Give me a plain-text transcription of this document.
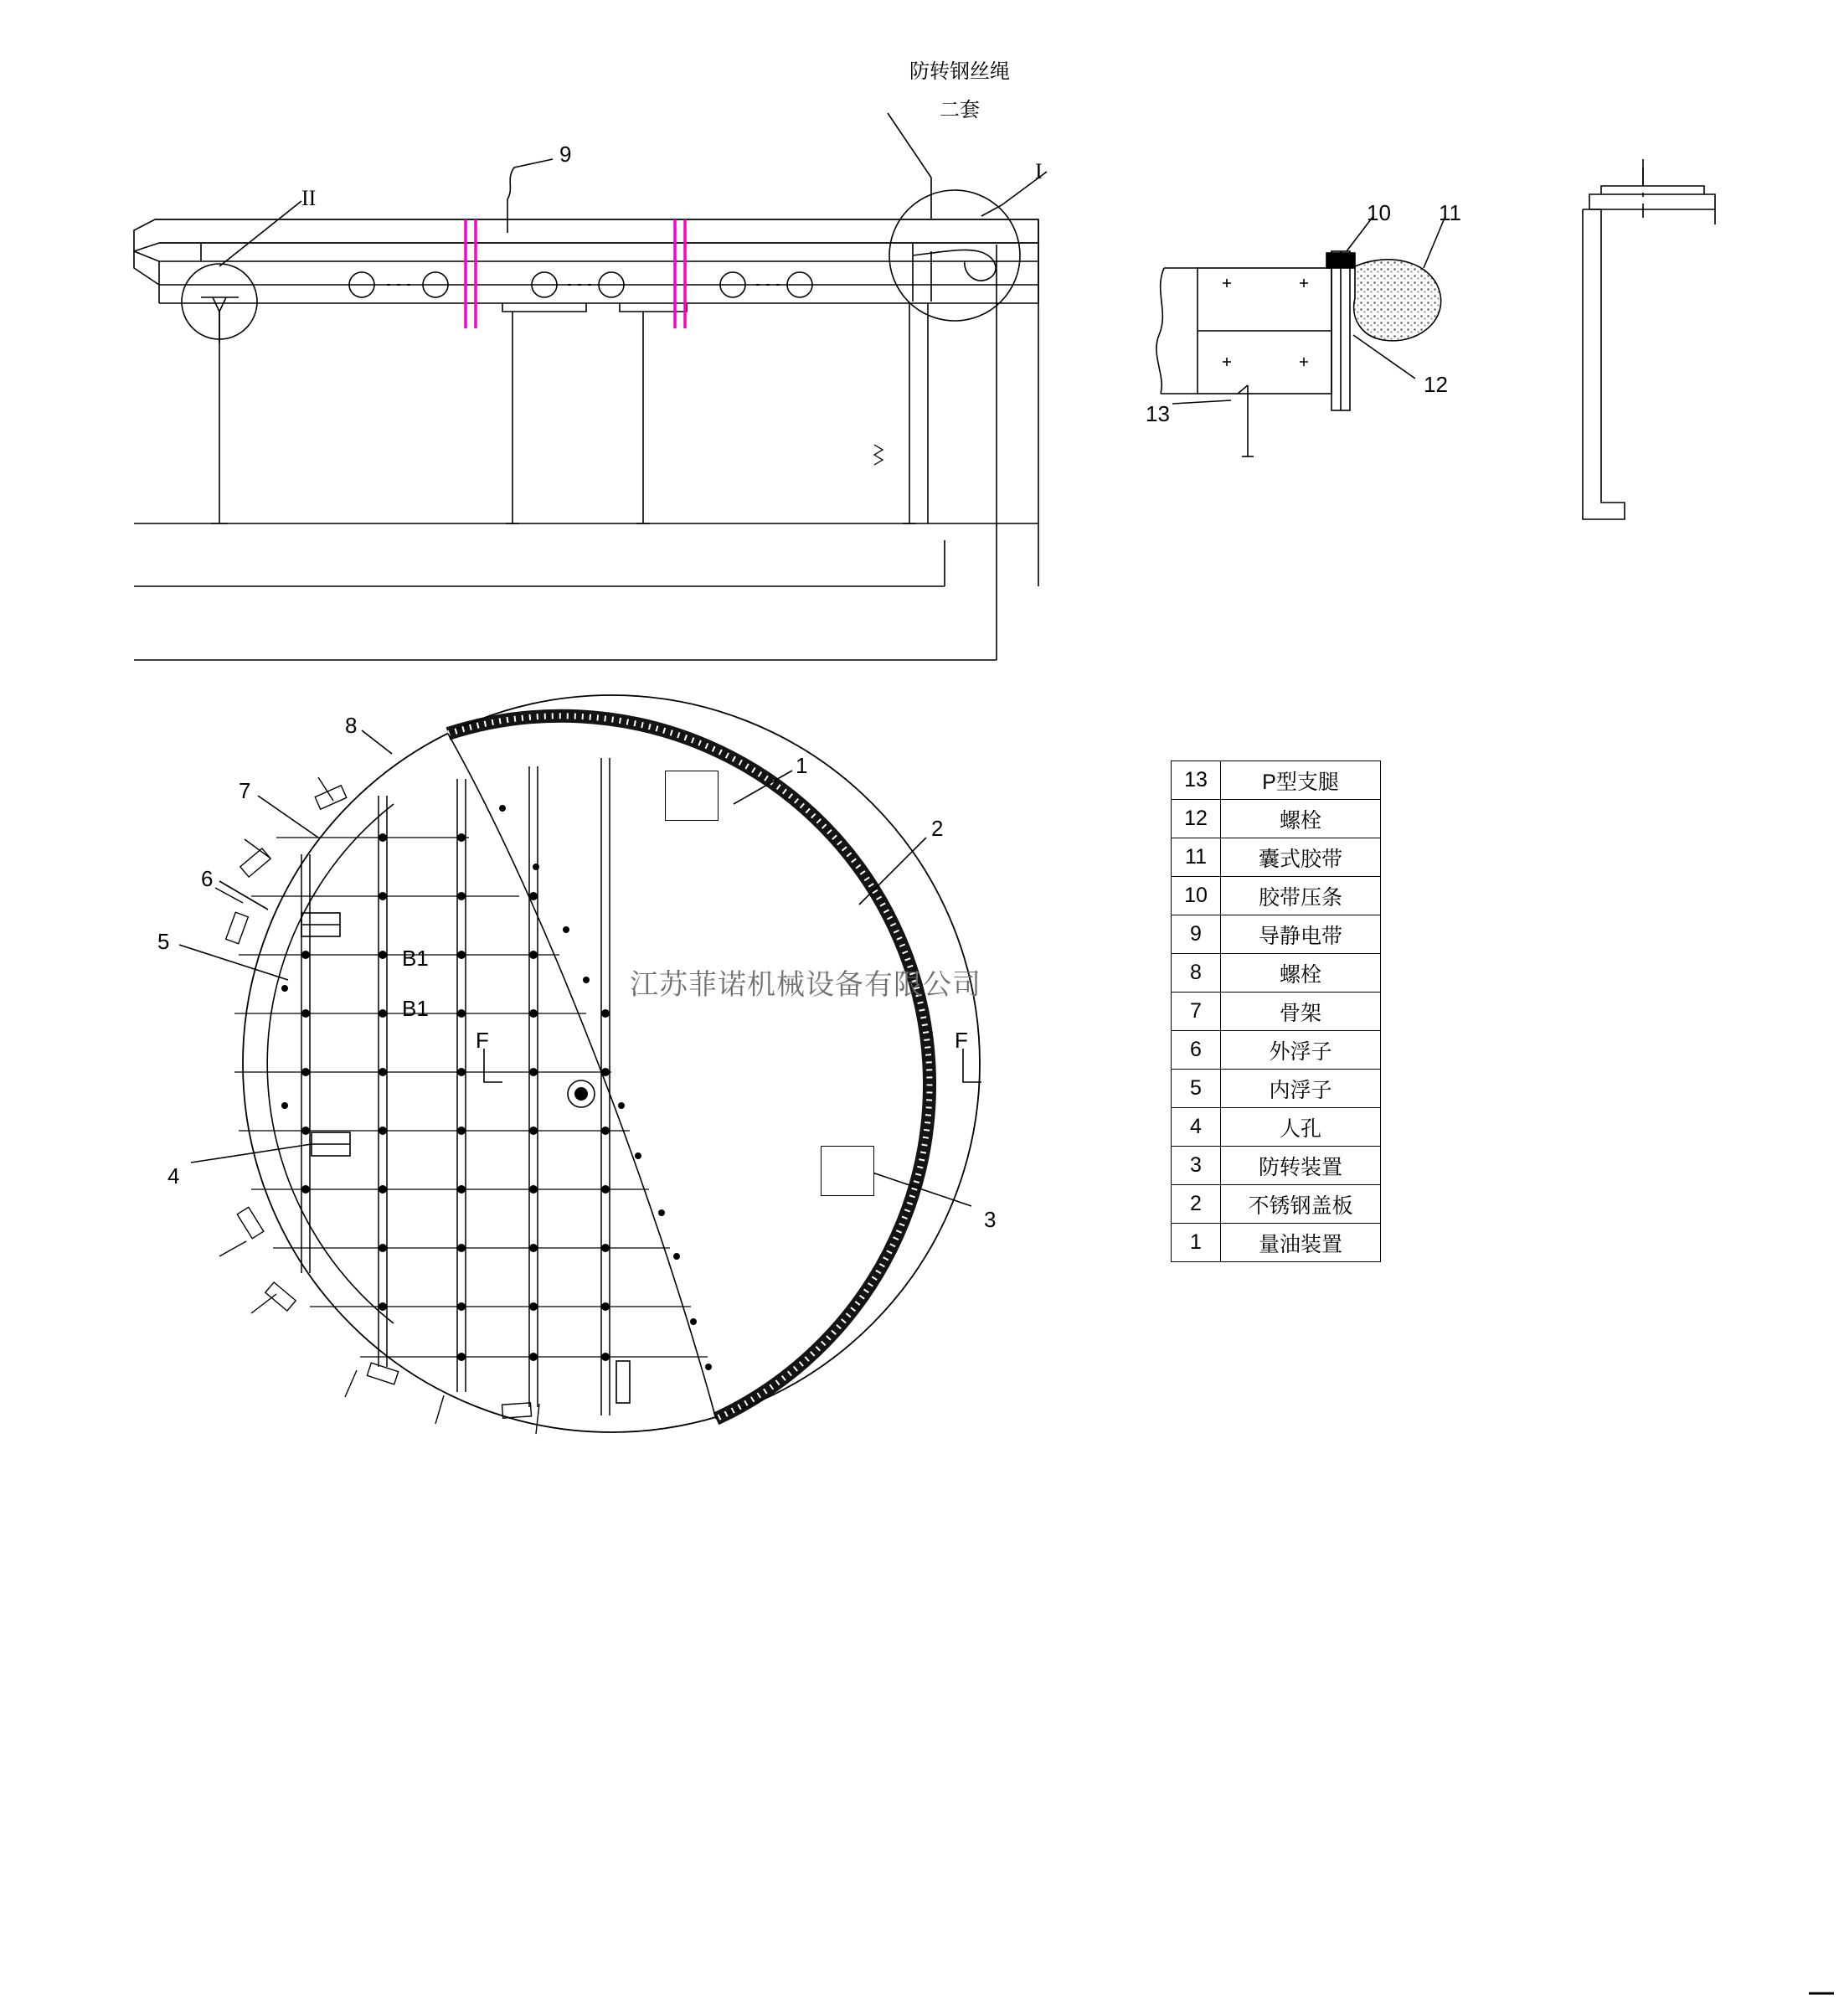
防转钢丝绳
二套
9
II
I
10 11
12
13
1
2
3
4
5
6
7
8
B1
B1
F	F
江苏菲诺机械设备有限公司
13	P型支腿
12	螺栓
11	囊式胶带
10	胶带压条
9	导静电带
8	螺栓
7	骨架
6	外浮子
5	内浮子
4	人孔
3	防转装置
2	不锈钢盖板
1	量油装置
